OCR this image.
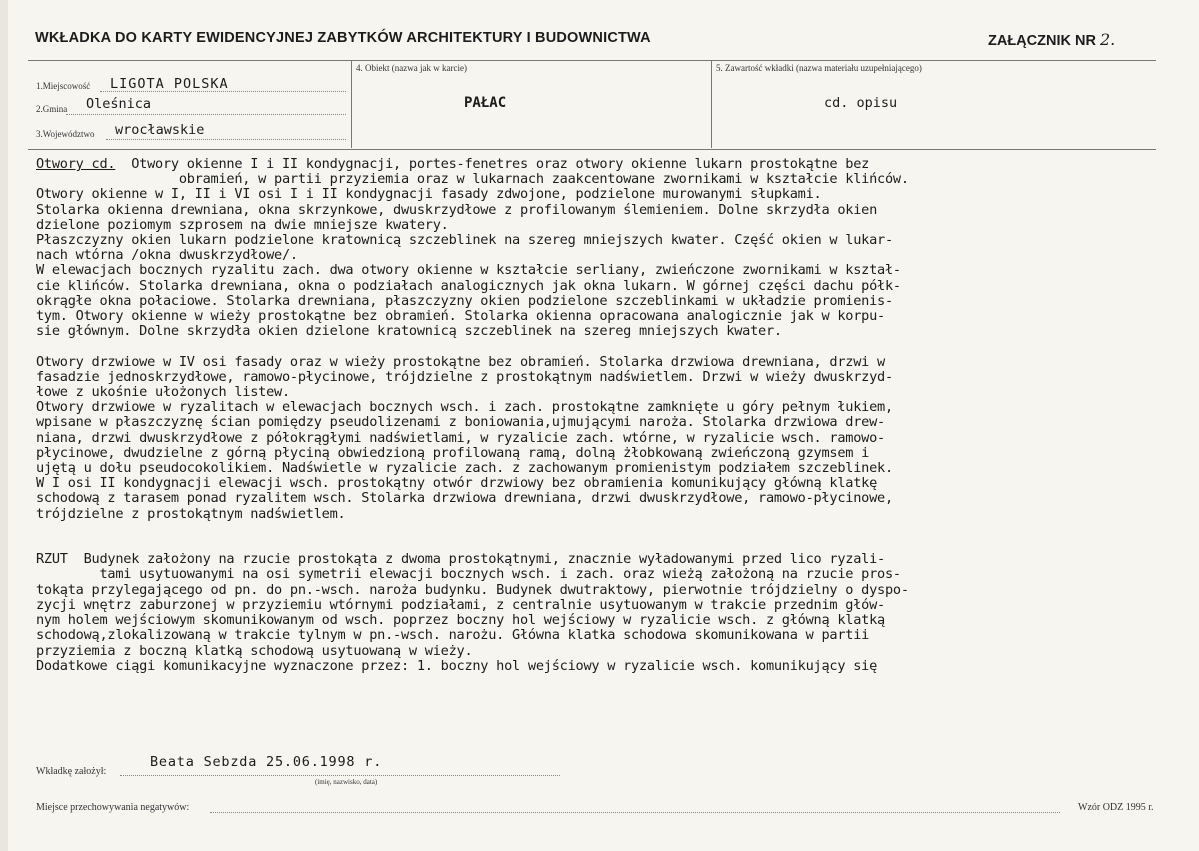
WKŁADKA DO KARTY EWIDENCYJNEJ ZABYTKÓW ARCHITEKTURY I BUDOWNICTWA	ZAŁĄCZNIK NR 2.
1.Miejscowość LIGOTA POLSKA
2.Gmina Oleśnica
3.Województwo wrocławskie
4. Obiekt (nazwa jak w karcie)
PAŁAC
5. Zawartość wkładki (nazwa materiału uzupełniającego)
cd. opisu
Otwory cd.  Otwory okienne I i II kondygnacji, portes-fenetres oraz otwory okienne lukarn prostokątne bez
obramień, w partii przyziemia oraz w lukarnach zaakcentowane zwornikami w kształcie klińców.
Otwory okienne w I, II i VI osi I i II kondygnacji fasady zdwojone, podzielone murowanymi słupkami.
Stolarka okienna drewniana, okna skrzynkowe, dwuskrzydłowe z profilowanym ślemieniem. Dolne skrzydła okien
dzielone poziomym szprosem na dwie mniejsze kwatery.
Płaszczyzny okien lukarn podzielone kratownicą szczeblinek na szereg mniejszych kwater. Część okien w lukar-
nach wtórna /okna dwuskrzydłowe/.
W elewacjach bocznych ryzalitu zach. dwa otwory okienne w kształcie serliany, zwieńczone zwornikami w kształ-
cie klińców. Stolarka drewniana, okna o podziałach analogicznych jak okna lukarn. W górnej części dachu półk-
okrągłe okna połaciowe. Stolarka drewniana, płaszczyzny okien podzielone szczeblinkami w układzie promienis-
tym. Otwory okienne w wieży prostokątne bez obramień. Stolarka okienna opracowana analogicznie jak w korpu-
sie głównym. Dolne skrzydła okien dzielone kratownicą szczeblinek na szereg mniejszych kwater.

Otwory drzwiowe w IV osi fasady oraz w wieży prostokątne bez obramień. Stolarka drzwiowa drewniana, drzwi w
fasadzie jednoskrzydłowe, ramowo-płycinowe, trójdzielne z prostokątnym nadświetlem. Drzwi w wieży dwuskrzyd-
łowe z ukośnie ułożonych listew.
Otwory drzwiowe w ryzalitach w elewacjach bocznych wsch. i zach. prostokątne zamknięte u góry pełnym łukiem,
wpisane w płaszczyznę ścian pomiędzy pseudolizenami z boniowania,ujmującymi naroża. Stolarka drzwiowa drew-
niana, drzwi dwuskrzydłowe z półokrągłymi nadświetlami, w ryzalicie zach. wtórne, w ryzalicie wsch. ramowo-
płycinowe, dwudzielne z górną płyciną obwiedzioną profilowaną ramą, dolną żłobkowaną zwieńczoną gzymsem i
ujętą u dołu pseudocokolikiem. Nadświetle w ryzalicie zach. z zachowanym promienistym podziałem szczeblinek.
W I osi II kondygnacji elewacji wsch. prostokątny otwór drzwiowy bez obramienia komunikujący główną klatkę
schodową z tarasem ponad ryzalitem wsch. Stolarka drzwiowa drewniana, drzwi dwuskrzydłowe, ramowo-płycinowe,
trójdzielne z prostokątnym nadświetlem.

RZUT  Budynek założony na rzucie prostokąta z dwoma prostokątnymi, znacznie wyładowanymi przed lico ryzali-
tami usytuowanymi na osi symetrii elewacji bocznych wsch. i zach. oraz wieżą założoną na rzucie pros-
tokąta przylegającego od pn. do pn.-wsch. naroża budynku. Budynek dwutraktowy, pierwotnie trójdzielny o dyspo-
zycji wnętrz zaburzonej w przyziemiu wtórnymi podziałami, z centralnie usytuowanym w trakcie przednim głów-
nym holem wejściowym skomunikowanym od wsch. poprzez boczny hol wejściowy w ryzalicie wsch. z główną klatką
schodową,zlokalizowaną w trakcie tylnym w pn.-wsch. narożu. Główna klatka schodowa skomunikowana w partii
przyziemia z boczną klatką schodową usytuowaną w wieży.
Dodatkowe ciągi komunikacyjne wyznaczone przez: 1. boczny hol wejściowy w ryzalicie wsch. komunikujący się
Wkładkę założył:
Beata Sebzda 25.06.1998 r.
(imię, nazwisko, data)
Miejsce przechowywania negatywów:	Wzór ODZ 1995 r.
